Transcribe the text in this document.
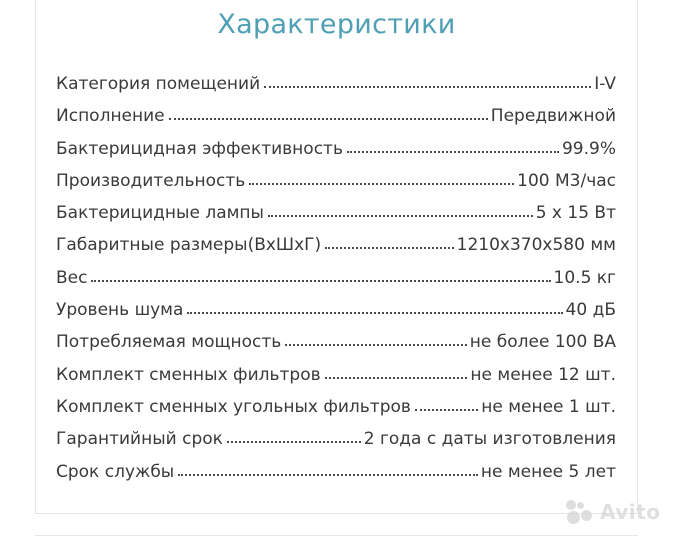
Характеристики
Категория помещений	I-V
Исполнение	Передвижной
Бактерицидная эффективность	99.9%
Производительность	100 М3/час
Бактерицидные лампы	5 х 15 Вт
Габаритные размеры(ВхШхГ)	1210х370х580 мм
Вес	10.5 кг
Уровень шума	40 дБ
Потребляемая мощность	не более 100 ВА
Комплект сменных фильтров	не менее 12 шт.
Комплект сменных угольных фильтров	не менее 1 шт.
Гарантийный срок	2 года с даты изготовления
Срок службы	не менее 5 лет
Avito
